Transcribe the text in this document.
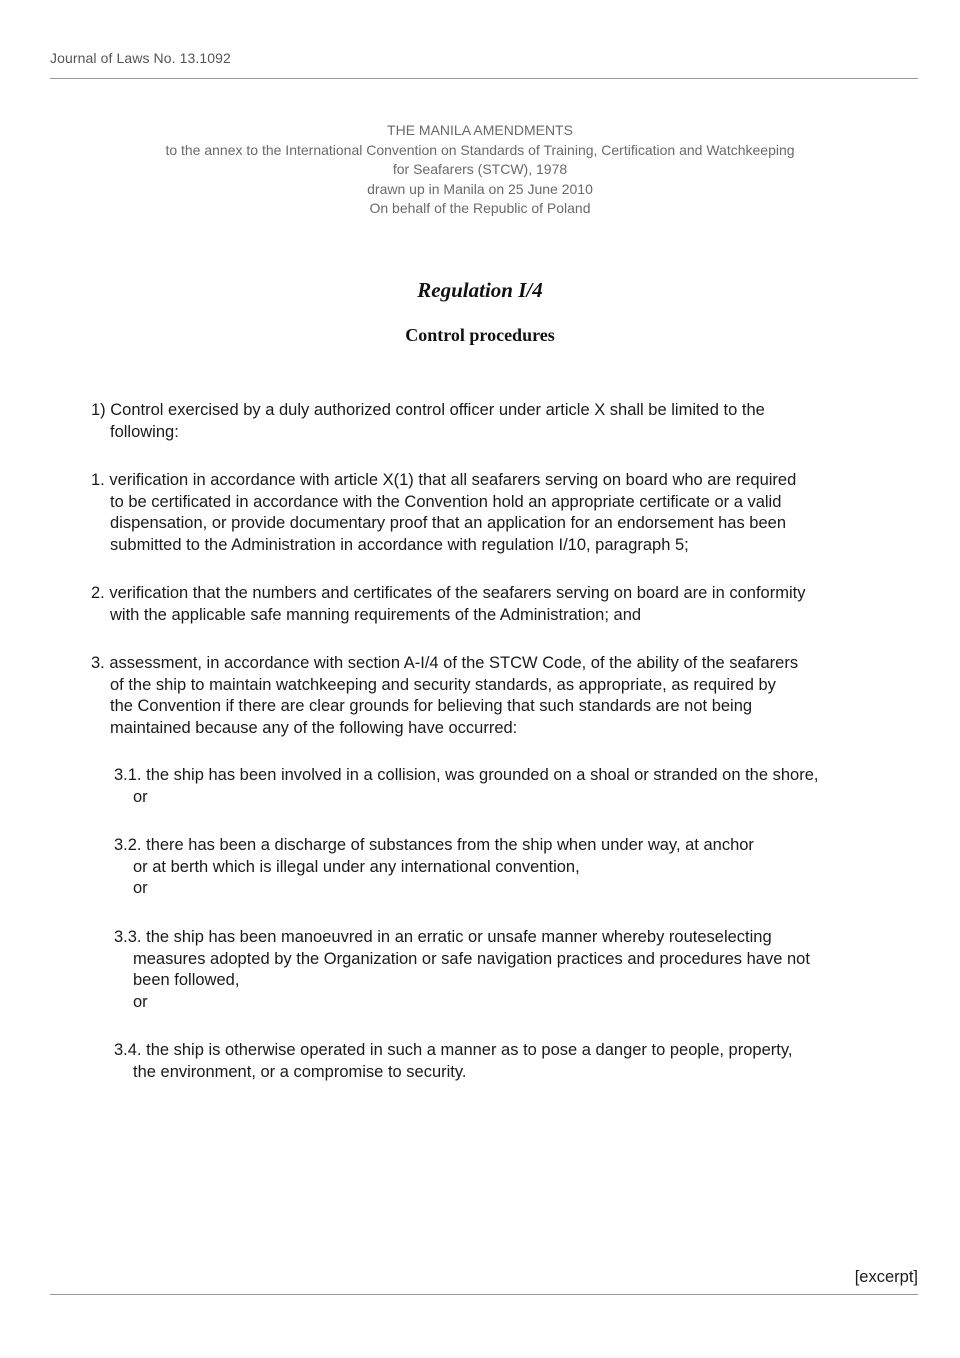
Journal of Laws No. 13.1092
THE MANILA AMENDMENTS
to the annex to the International Convention on Standards of Training, Certification and Watchkeeping
for Seafarers (STCW), 1978
drawn up in Manila on 25 June 2010
On behalf of the Republic of Poland
Regulation I/4
Control procedures
1) Control exercised by a duly authorized control officer under article X shall be limited to the
following:
1. verification in accordance with article X(1) that all seafarers serving on board who are required
to be certificated in accordance with the Convention hold an appropriate certificate or a valid
dispensation, or provide documentary proof that an application for an endorsement has been
submitted to the Administration in accordance with regulation I/10, paragraph 5;
2. verification that the numbers and certificates of the seafarers serving on board are in conformity
with the applicable safe manning requirements of the Administration; and
3. assessment, in accordance with section A-I/4 of the STCW Code, of the ability of the seafarers
of the ship to maintain watchkeeping and security standards, as appropriate, as required by
the Convention if there are clear grounds for believing that such standards are not being
maintained because any of the following have occurred:
3.1. the ship has been involved in a collision, was grounded on a shoal or stranded on the shore,
or
3.2. there has been a discharge of substances from the ship when under way, at anchor
or at berth which is illegal under any international convention,
or
3.3. the ship has been manoeuvred in an erratic or unsafe manner whereby routeselecting
measures adopted by the Organization or safe navigation practices and procedures have not
been followed,
or
3.4. the ship is otherwise operated in such a manner as to pose a danger to people, property,
the environment, or a compromise to security.
[excerpt]
